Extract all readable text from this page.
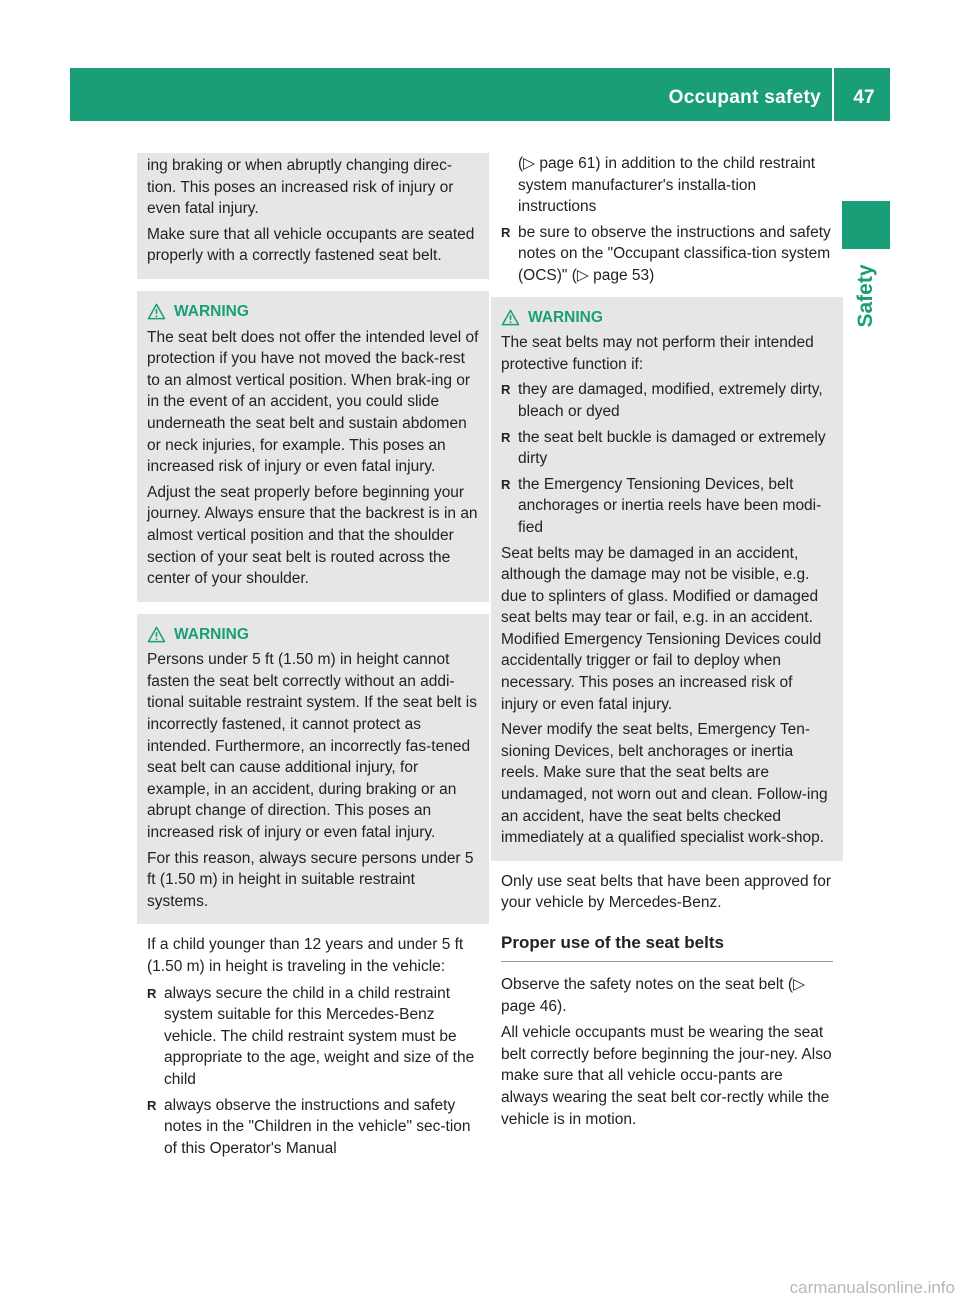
Occupant safety	47
Safety

ing braking or when abruptly changing direc-tion. This poses an increased risk of injury or even fatal injury.

Make sure that all vehicle occupants are seated properly with a correctly fastened seat belt.

WARNING

The seat belt does not offer the intended level of protection if you have not moved the back-rest to an almost vertical position. When brak-ing or in the event of an accident, you could slide underneath the seat belt and sustain abdomen or neck injuries, for example. This poses an increased risk of injury or even fatal injury.

Adjust the seat properly before beginning your journey. Always ensure that the backrest is in an almost vertical position and that the shoulder section of your seat belt is routed across the center of your shoulder.

WARNING

Persons under 5 ft (1.50 m) in height cannot fasten the seat belt correctly without an addi-tional suitable restraint system. If the seat belt is incorrectly fastened, it cannot protect as intended. Furthermore, an incorrectly fas-tened seat belt can cause additional injury, for example, in an accident, during braking or an abrupt change of direction. This poses an increased risk of injury or even fatal injury.

For this reason, always secure persons under 5 ft (1.50 m) in height in suitable restraint systems.

If a child younger than 12 years and under 5 ft (1.50 m) in height is traveling in the vehicle:

R always secure the child in a child restraint system suitable for this Mercedes-Benz vehicle. The child restraint system must be appropriate to the age, weight and size of the child
R always observe the instructions and safety notes in the "Children in the vehicle" sec-tion of this Operator's Manual

(▷ page 61) in addition to the child restraint system manufacturer's installa-tion instructions

R be sure to observe the instructions and safety notes on the "Occupant classifica-tion system (OCS)" (▷ page 53)
WARNING

The seat belts may not perform their intended protective function if:

R they are damaged, modified, extremely dirty, bleach or dyed
R the seat belt buckle is damaged or extremely dirty
R the Emergency Tensioning Devices, belt anchorages or inertia reels have been modi-fied

Seat belts may be damaged in an accident, although the damage may not be visible, e.g. due to splinters of glass. Modified or damaged seat belts may tear or fail, e.g. in an accident. Modified Emergency Tensioning Devices could accidentally trigger or fail to deploy when necessary. This poses an increased risk of injury or even fatal injury.

Never modify the seat belts, Emergency Ten-sioning Devices, belt anchorages or inertia reels. Make sure that the seat belts are undamaged, not worn out and clean. Follow-ing an accident, have the seat belts checked immediately at a qualified specialist work-shop.

Only use seat belts that have been approved for your vehicle by Mercedes-Benz.

Proper use of the seat belts

Observe the safety notes on the seat belt (▷ page 46).

All vehicle occupants must be wearing the seat belt correctly before beginning the jour-ney. Also make sure that all vehicle occu-pants are always wearing the seat belt cor-rectly while the vehicle is in motion.

carmanualsonline.info
